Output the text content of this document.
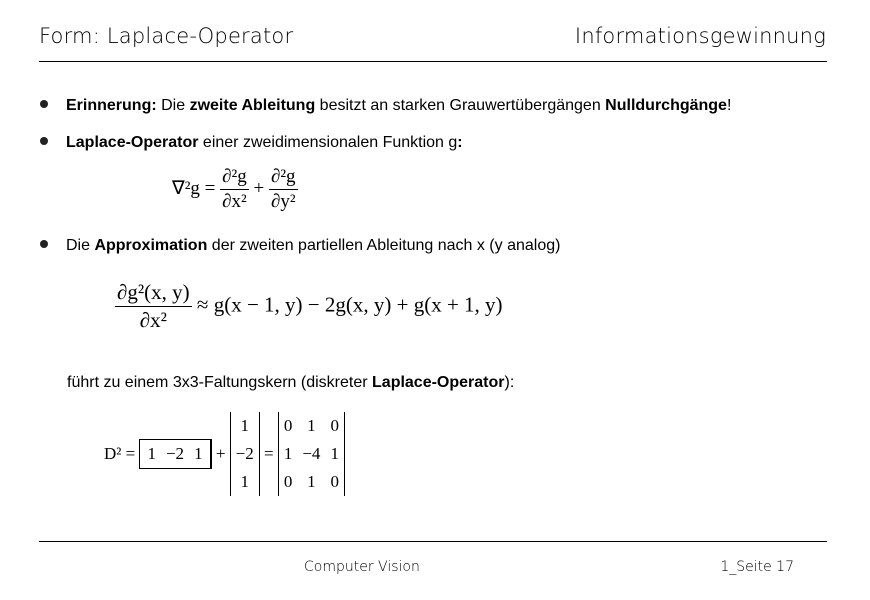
Form: Laplace-Operator	Informationsgewinnung
Erinnerung: Die zweite Ableitung besitzt an starken Grauwertübergängen Nulldurchgänge!
Laplace-Operator einer zweidimensionalen Funktion g:
$\nabla^2g = \frac{\text{∂²g}}{\text{∂x²}} + \frac{\text{∂²g}}{\text{∂y²}}$
Die Approximation der zweiten partiellen Ableitung nach x (y analog)
$\frac{\text{∂g²(x, y)}}{\text{∂x²}} \approx g(x - 1$, y) − 2g(x, y) + g(x + 1, y)
führt zu einem 3x3-Faltungskern (diskreter Laplace-Operator):
D² = 1	−2	1 +
1
−2
1
=
0	1	0
1	−4	1
0	1	0
Computer Vision	1_Seite 17
